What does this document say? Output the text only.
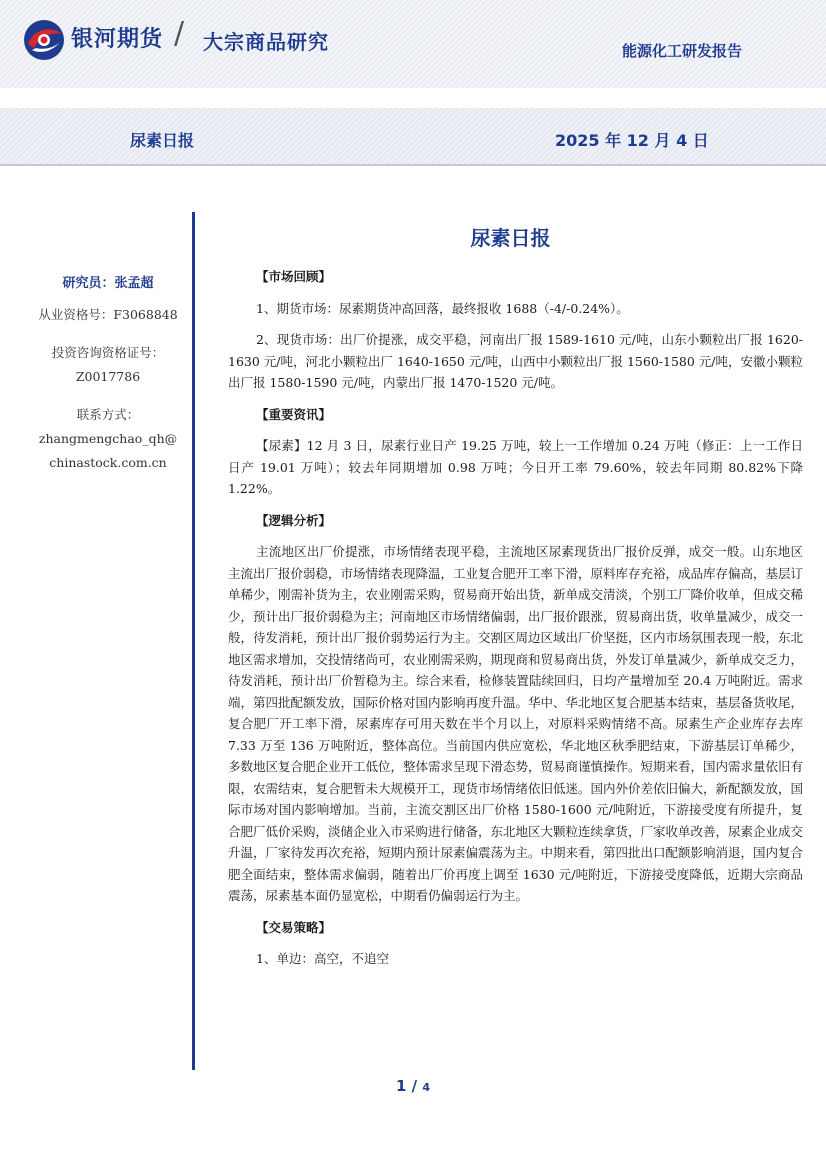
银河期货 / 大宗商品研究	能源化工研发报告
尿素日报	2025 年 12 月 4 日
研究员：张孟超
从业资格号：F3068848
投资咨询资格证号：
Z0017786
联系方式：
zhangmengchao_qh@
chinastock.com.cn
尿素日报
【市场回顾】

1、期货市场：尿素期货冲高回落，最终报收 1688（-4/-0.24%）。

2、现货市场：出厂价提涨，成交平稳，河南出厂报 1589-1610 元/吨，山东小颗粒出厂报 1620-1630 元/吨，河北小颗粒出厂 1640-1650 元/吨，山西中小颗粒出厂报 1560-1580 元/吨，安徽小颗粒出厂报 1580-1590 元/吨，内蒙出厂报 1470-1520 元/吨。

【重要资讯】

【尿素】12 月 3 日，尿素行业日产 19.25 万吨，较上一工作增加 0.24 万吨（修正：上一工作日日产 19.01 万吨）；较去年同期增加 0.98 万吨；今日开工率 79.60%，较去年同期 80.82%下降 1.22%。

【逻辑分析】

主流地区出厂价提涨，市场情绪表现平稳，主流地区尿素现货出厂报价反弹，成交一般。山东地区主流出厂报价弱稳，市场情绪表现降温，工业复合肥开工率下滑，原料库存充裕，成品库存偏高，基层订单稀少，刚需补货为主，农业刚需采购，贸易商开始出货，新单成交清淡，个别工厂降价收单，但成交稀少，预计出厂报价弱稳为主；河南地区市场情绪偏弱，出厂报价跟涨，贸易商出货，收单量减少，成交一般，待发消耗，预计出厂报价弱势运行为主。交割区周边区域出厂价坚挺，区内市场氛围表现一般，东北地区需求增加，交投情绪尚可，农业刚需采购，期现商和贸易商出货，外发订单量减少，新单成交乏力，待发消耗，预计出厂价暂稳为主。综合来看，检修装置陆续回归，日均产量增加至 20.4 万吨附近。需求端，第四批配额发放，国际价格对国内影响再度升温。华中、华北地区复合肥基本结束，基层备货收尾，复合肥厂开工率下滑，尿素库存可用天数在半个月以上，对原料采购情绪不高。尿素生产企业库存去库 7.33 万至 136 万吨附近，整体高位。当前国内供应宽松，华北地区秋季肥结束，下游基层订单稀少，多数地区复合肥企业开工低位，整体需求呈现下滑态势，贸易商谨慎操作。短期来看，国内需求量依旧有限，农需结束，复合肥暂未大规模开工，现货市场情绪依旧低迷。国内外价差依旧偏大，新配额发放，国际市场对国内影响增加。当前，主流交割区出厂价格 1580-1600 元/吨附近，下游接受度有所提升，复合肥厂低价采购，淡储企业入市采购进行储备，东北地区大颗粒连续拿货，厂家收单改善，尿素企业成交升温，厂家待发再次充裕，短期内预计尿素偏震荡为主。中期来看，第四批出口配额影响消退，国内复合肥全面结束，整体需求偏弱，随着出厂价再度上调至 1630 元/吨附近，下游接受度降低，近期大宗商品震荡，尿素基本面仍显宽松，中期看仍偏弱运行为主。

【交易策略】

1、单边：高空，不追空

1 / 4
